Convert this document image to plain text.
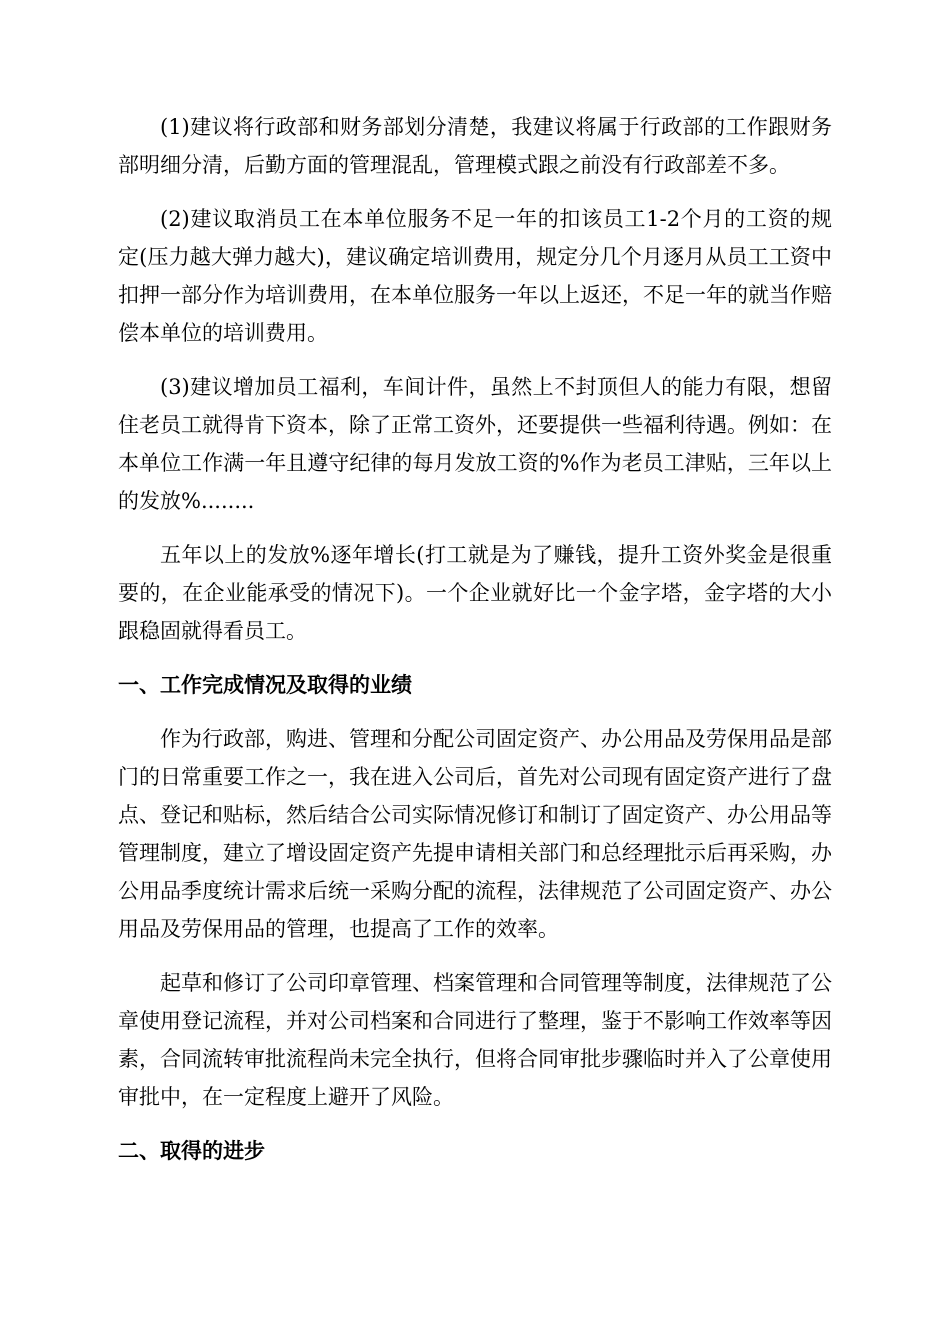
(1)建议将行政部和财务部划分清楚，我建议将属于行政部的工作跟财务部明细分清，后勤方面的管理混乱，管理模式跟之前没有行政部差不多。

(2)建议取消员工在本单位服务不足一年的扣该员工1-2个月的工资的规定(压力越大弹力越大)，建议确定培训费用，规定分几个月逐月从员工工资中扣押一部分作为培训费用，在本单位服务一年以上返还，不足一年的就当作赔偿本单位的培训费用。

(3)建议增加员工福利，车间计件，虽然上不封顶但人的能力有限，想留住老员工就得肯下资本，除了正常工资外，还要提供一些福利待遇。例如：在本单位工作满一年且遵守纪律的每月发放工资的%作为老员工津贴，三年以上的发放%........

五年以上的发放%逐年增长(打工就是为了赚钱，提升工资外奖金是很重要的，在企业能承受的情况下)。一个企业就好比一个金字塔，金字塔的大小跟稳固就得看员工。

一、工作完成情况及取得的业绩

作为行政部，购进、管理和分配公司固定资产、办公用品及劳保用品是部门的日常重要工作之一，我在进入公司后，首先对公司现有固定资产进行了盘点、登记和贴标，然后结合公司实际情况修订和制订了固定资产、办公用品等管理制度，建立了增设固定资产先提申请相关部门和总经理批示后再采购，办公用品季度统计需求后统一采购分配的流程，法律规范了公司固定资产、办公用品及劳保用品的管理，也提高了工作的效率。

起草和修订了公司印章管理、档案管理和合同管理等制度，法律规范了公章使用登记流程，并对公司档案和合同进行了整理，鉴于不影响工作效率等因素，合同流转审批流程尚未完全执行，但将合同审批步骤临时并入了公章使用审批中，在一定程度上避开了风险。

二、取得的进步
